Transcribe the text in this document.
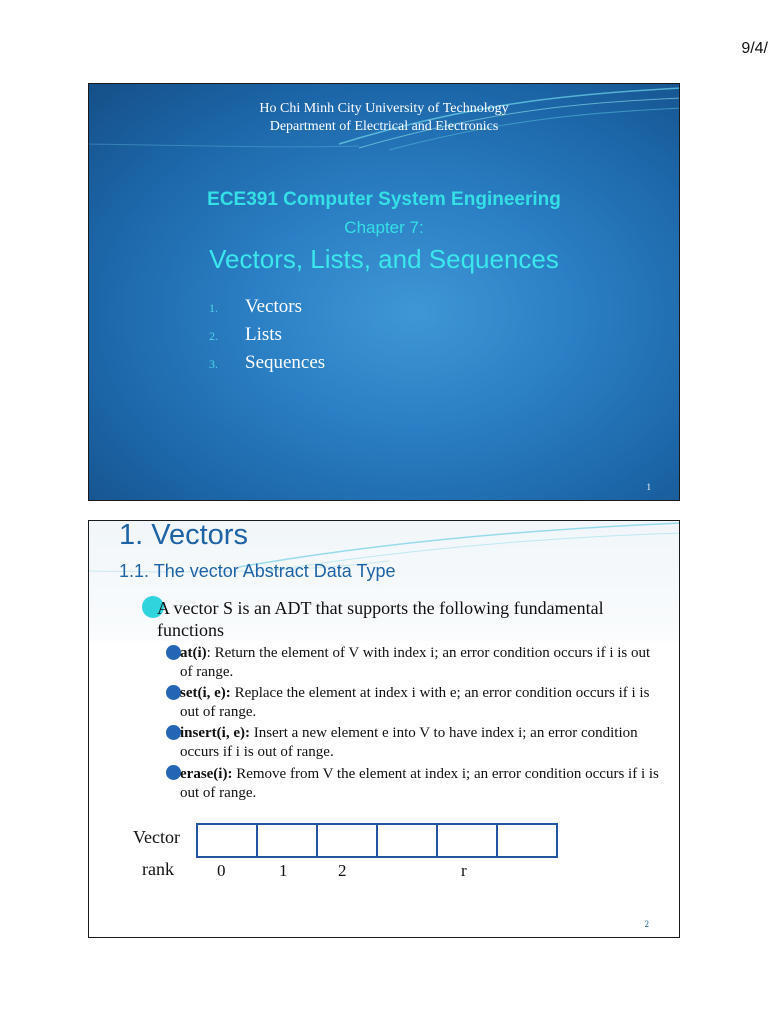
9/4/
Ho Chi Minh City University of Technology
Department of Electrical and Electronics
ECE391 Computer System Engineering
Chapter 7:
Vectors, Lists, and Sequences
1.	Vectors
2.	Lists
3.	Sequences
1
1. Vectors
1.1. The vector Abstract Data Type
A vector S is an ADT that supports the following fundamental functions
at(i): Return the element of V with index i; an error condition occurs if i is out of range.
set(i, e): Replace the element at index i with e; an error condition occurs if i is out of range.
insert(i, e): Insert a new element e into V to have index i; an error condition occurs if i is out of range.
erase(i): Remove from V the element at index i; an error condition occurs if i is out of range.
Vector
rank	0	1	2	r
2
